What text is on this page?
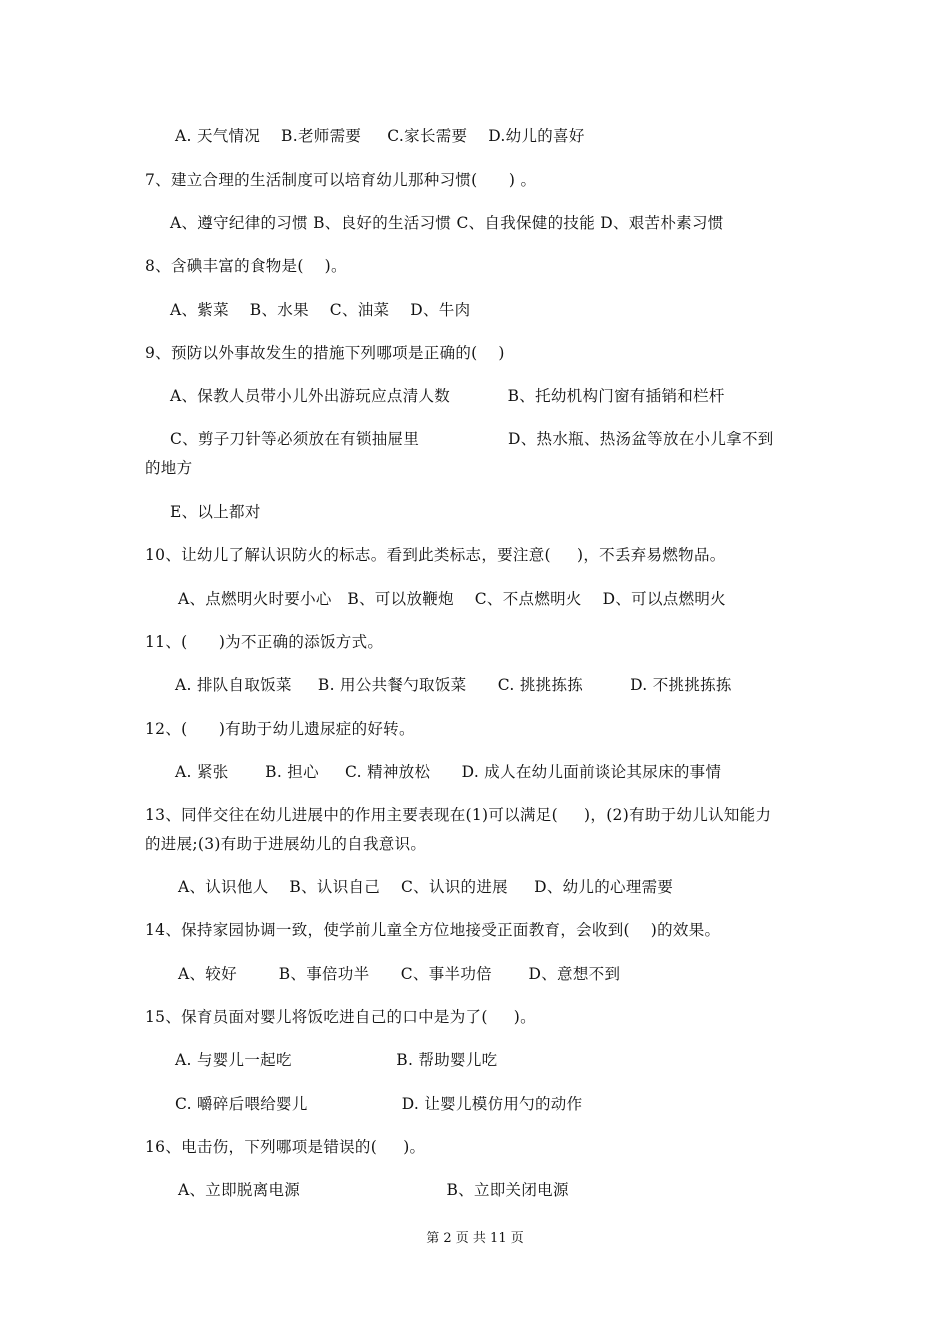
A. 天气情况    B.老师需要     C.家长需要    D.幼儿的喜好
7、建立合理的生活制度可以培育幼儿那种习惯(      ) 。
A、遵守纪律的习惯 B、良好的生活习惯 C、自我保健的技能 D、艰苦朴素习惯
8、含碘丰富的食物是(    )。
A、紫菜    B、水果    C、油菜    D、牛肉
9、预防以外事故发生的措施下列哪项是正确的(    )
A、保教人员带小儿外出游玩应点清人数           B、托幼机构门窗有插销和栏杆
C、剪子刀针等必须放在有锁抽屉里                 D、热水瓶、热汤盆等放在小儿拿不到
的地方
E、以上都对
10、让幼儿了解认识防火的标志。看到此类标志，要注意(     )，不丢弃易燃物品。
A、点燃明火时要小心   B、可以放鞭炮    C、不点燃明火    D、可以点燃明火
11、(      )为不正确的添饭方式。
A. 排队自取饭菜     B. 用公共餐勺取饭菜      C. 挑挑拣拣         D. 不挑挑拣拣
12、(      )有助于幼儿遗尿症的好转。
A. 紧张       B. 担心     C. 精神放松      D. 成人在幼儿面前谈论其尿床的事情
13、同伴交往在幼儿进展中的作用主要表现在(1)可以满足(     )，(2)有助于幼儿认知能力
的进展;(3)有助于进展幼儿的自我意识。
A、认识他人    B、认识自己    C、认识的进展     D、幼儿的心理需要
14、保持家园协调一致，使学前儿童全方位地接受正面教育，会收到(    )的效果。
A、较好        B、事倍功半      C、事半功倍       D、意想不到
15、保育员面对婴儿将饭吃进自己的口中是为了(     )。
A. 与婴儿一起吃                    B. 帮助婴儿吃
C. 嚼碎后喂给婴儿                  D. 让婴儿模仿用勺的动作
16、电击伤，下列哪项是错误的(     )。
A、立即脱离电源                            B、立即关闭电源
第 2 页 共 11 页
